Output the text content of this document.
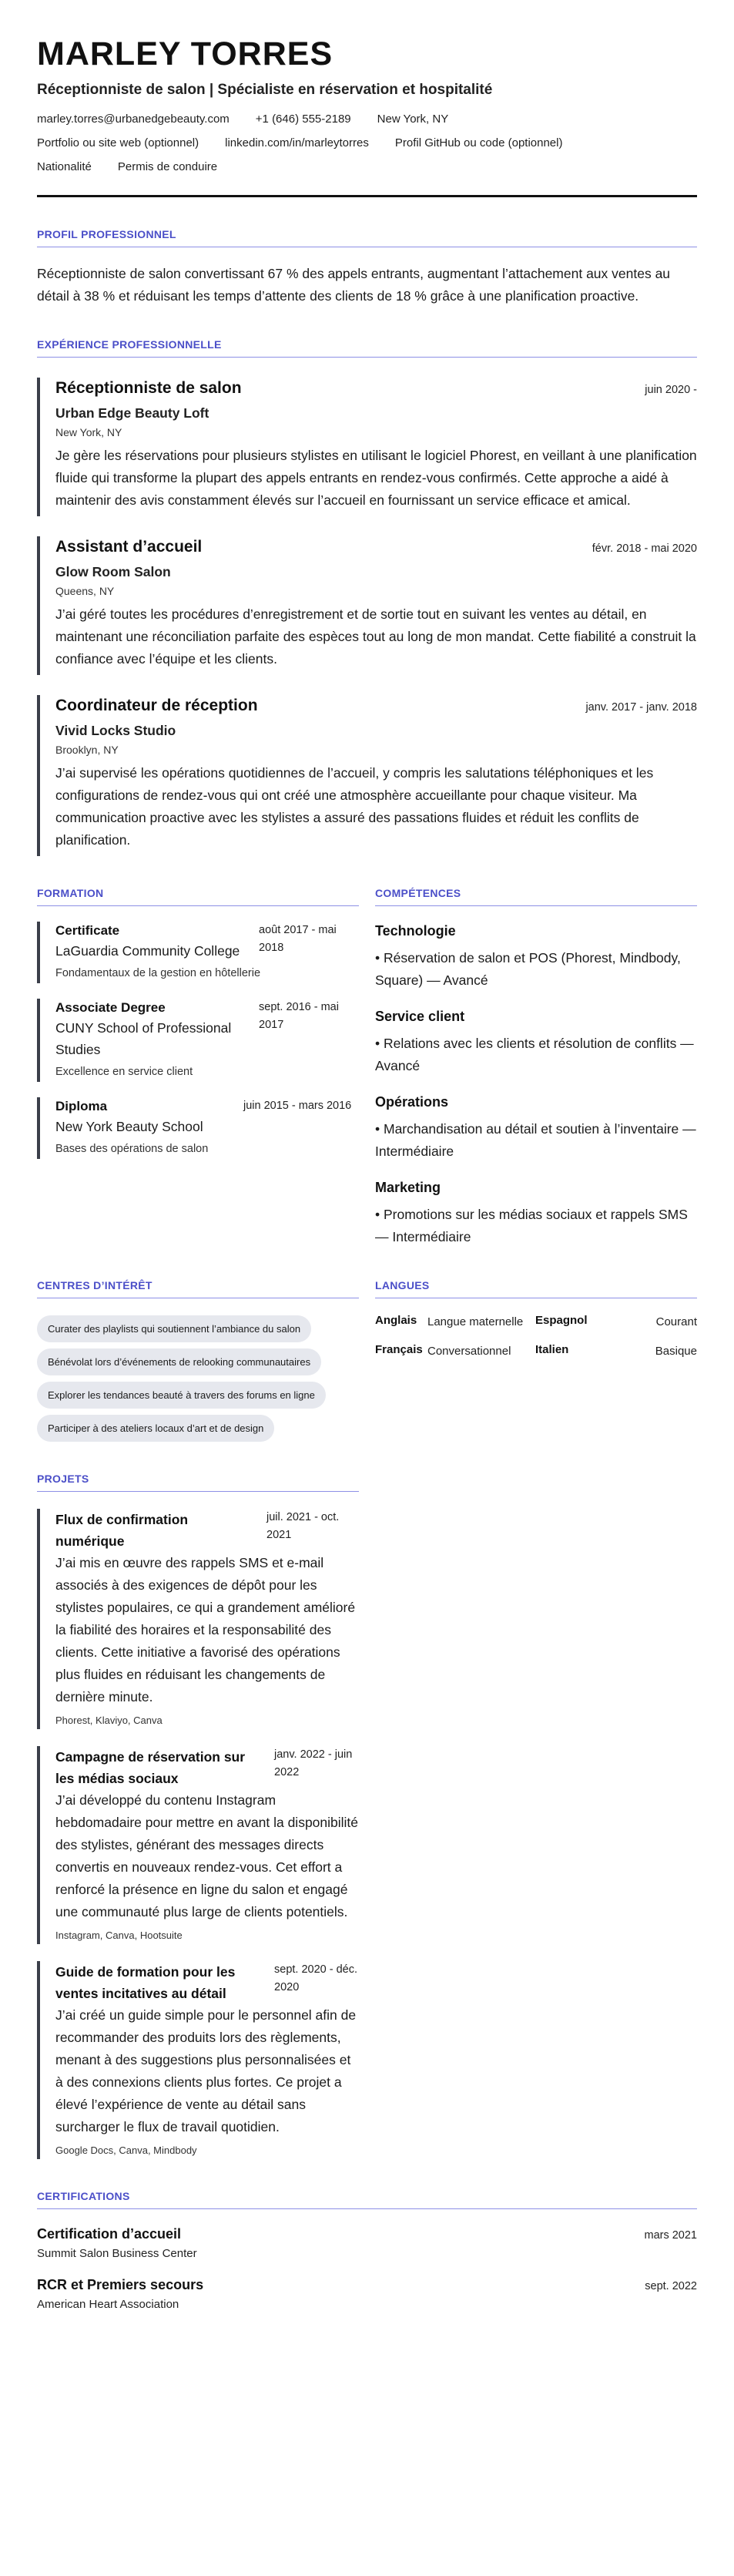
MARLEY TORRES
Réceptionniste de salon | Spécialiste en réservation et hospitalité
marley.torres@urbanedgebeauty.com +1 (646) 555-2189 New York, NY
Portfolio ou site web (optionnel) linkedin.com/in/marleytorres Profil GitHub ou code (optionnel)
Nationalité Permis de conduire
PROFIL PROFESSIONNEL

Réceptionniste de salon convertissant 67 % des appels entrants, augmentant l’attachement aux ventes au détail à 38 % et réduisant les temps d’attente des clients de 18 % grâce à une planification proactive.

EXPÉRIENCE PROFESSIONNELLE
Réceptionniste de salon	juin 2020 -
Urban Edge Beauty Loft
New York, NY

Je gère les réservations pour plusieurs stylistes en utilisant le logiciel Phorest, en veillant à une planification fluide qui transforme la plupart des appels entrants en rendez-vous confirmés. Cette approche a aidé à maintenir des avis constamment élevés sur l’accueil en fournissant un service efficace et amical.

Assistant d’accueil	févr. 2018 - mai 2020
Glow Room Salon
Queens, NY

J’ai géré toutes les procédures d’enregistrement et de sortie tout en suivant les ventes au détail, en maintenant une réconciliation parfaite des espèces tout au long de mon mandat. Cette fiabilité a construit la confiance avec l’équipe et les clients.

Coordinateur de réception	janv. 2017 - janv. 2018
Vivid Locks Studio
Brooklyn, NY

J’ai supervisé les opérations quotidiennes de l’accueil, y compris les salutations téléphoniques et les configurations de rendez-vous qui ont créé une atmosphère accueillante pour chaque visiteur. Ma communication proactive avec les stylistes a assuré des passations fluides et réduit les conflits de planification.

FORMATION
Certificate
LaGuardia Community College
août 2017 - mai 2018
Fondamentaux de la gestion en hôtellerie
Associate Degree
CUNY School of Professional Studies
sept. 2016 - mai 2017
Excellence en service client
Diploma
New York Beauty School
juin 2015 - mars 2016
Bases des opérations de salon
COMPÉTENCES
Technologie
• Réservation de salon et POS (Phorest, Mindbody, Square) — Avancé
Service client
• Relations avec les clients et résolution de conflits — Avancé
Opérations
• Marchandisation au détail et soutien à l’inventaire — Intermédiaire
Marketing
• Promotions sur les médias sociaux et rappels SMS — Intermédiaire
CENTRES D’INTÉRÊT
Curater des playlists qui soutiennent l’ambiance du salon Bénévolat lors d’événements de relooking communautaires Explorer les tendances beauté à travers des forums en ligne Participer à des ateliers locaux d’art et de design
LANGUES
Anglais Langue maternelle	Espagnol	Courant
Français Conversationnel	Italien	Basique
PROJETS
Flux de confirmation numérique
juil. 2021 - oct. 2021

J’ai mis en œuvre des rappels SMS et e-mail associés à des exigences de dépôt pour les stylistes populaires, ce qui a grandement amélioré la fiabilité des horaires et la responsabilité des clients. Cette initiative a favorisé des opérations plus fluides en réduisant les changements de dernière minute.

Phorest, Klaviyo, Canva
Campagne de réservation sur les médias sociaux
janv. 2022 - juin 2022

J’ai développé du contenu Instagram hebdomadaire pour mettre en avant la disponibilité des stylistes, générant des messages directs convertis en nouveaux rendez-vous. Cet effort a renforcé la présence en ligne du salon et engagé une communauté plus large de clients potentiels.

Instagram, Canva, Hootsuite
Guide de formation pour les ventes incitatives au détail
sept. 2020 - déc. 2020

J’ai créé un guide simple pour le personnel afin de recommander des produits lors des règlements, menant à des suggestions plus personnalisées et à des connexions clients plus fortes. Ce projet a élevé l’expérience de vente au détail sans surcharger le flux de travail quotidien.

Google Docs, Canva, Mindbody
CERTIFICATIONS
Certification d’accueil	mars 2021
Summit Salon Business Center
RCR et Premiers secours	sept. 2022
American Heart Association
